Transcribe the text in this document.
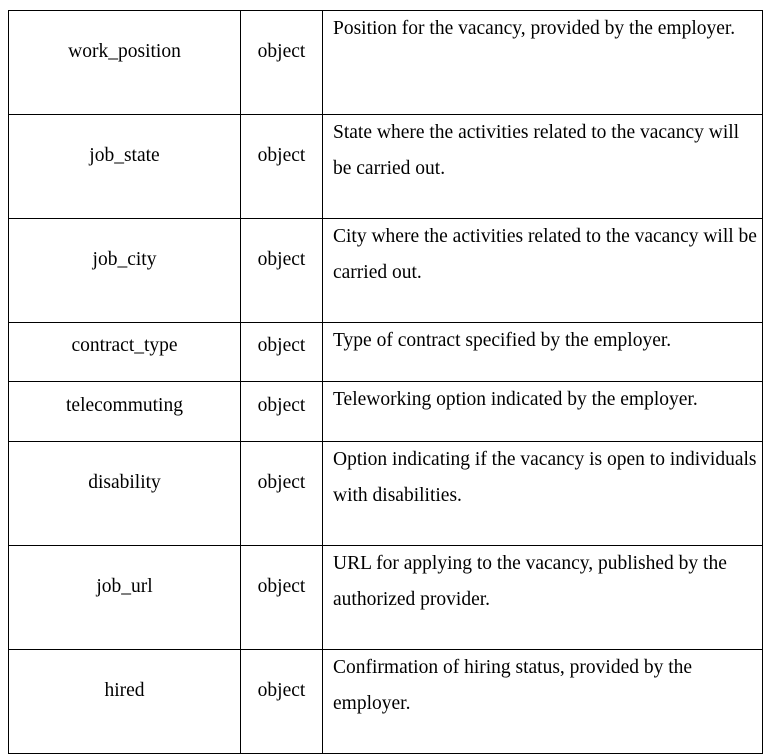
work_position	object	Position for the vacancy, provided by the employer.
job_state	object	State where the activities related to the vacancy will be carried out.
job_city	object	City where the activities related to the vacancy will be carried out.
contract_type	object	Type of contract specified by the employer.
telecommuting	object	Teleworking option indicated by the employer.
disability	object	Option indicating if the vacancy is open to individuals with disabilities.
job_url	object	URL for applying to the vacancy, published by the authorized provider.
hired	object	Confirmation of hiring status, provided by the employer.
